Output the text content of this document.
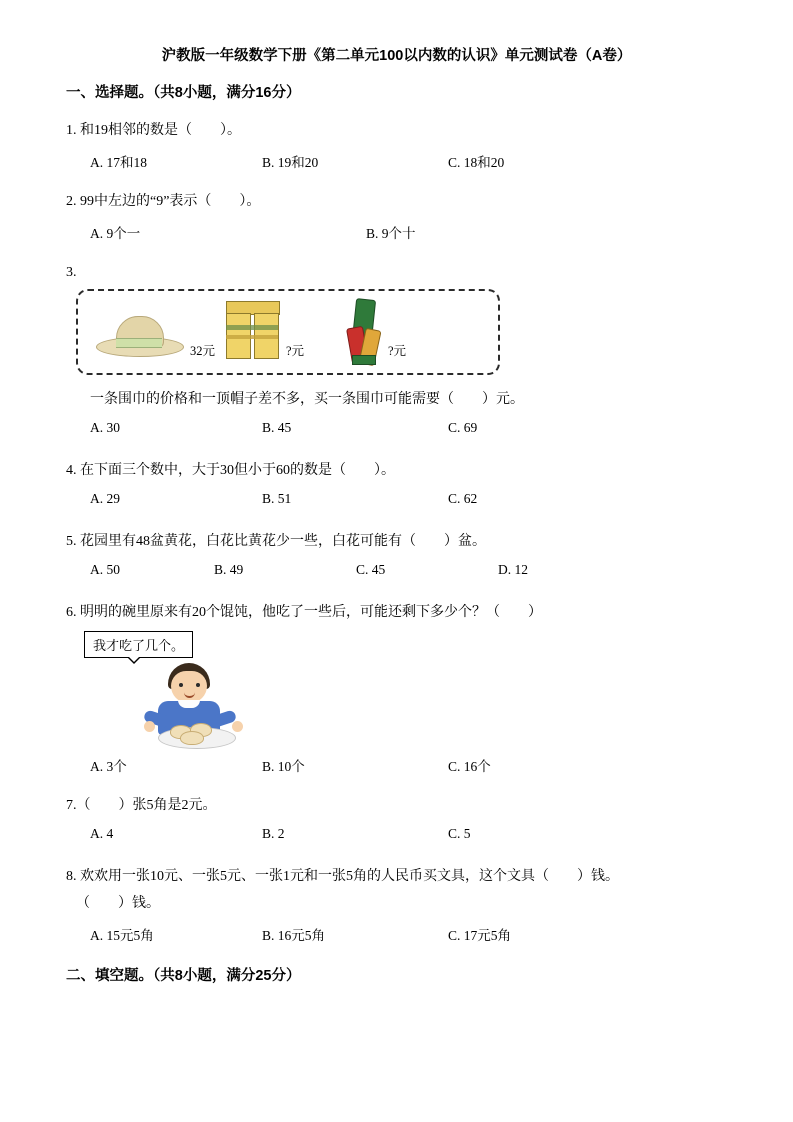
沪教版一年级数学下册《第二单元100以内数的认识》单元测试卷（A卷）
一、选择题。（共8小题，满分16分）
1. 和19相邻的数是（　　）。
A. 17和18	B. 19和20	C. 18和20
2. 99中左边的“9”表示（　　）。
A. 9个一	B. 9个十
3.
32元	?元	?元
一条围巾的价格和一顶帽子差不多，买一条围巾可能需要（　　）元。
A. 30	B. 45	C. 69
4. 在下面三个数中，大于30但小于60的数是（　　）。
A. 29	B. 51	C. 62
5. 花园里有48盆黄花，白花比黄花少一些，白花可能有（　　）盆。
A. 50	B. 49	C. 45	D. 12
6. 明明的碗里原来有20个馄饨，他吃了一些后，可能还剩下多少个？（　　）
我才吃了几个。
A. 3个	B. 10个	C. 16个
7.（　　）张5角是2元。
A. 4	B. 2	C. 5
8. 欢欢用一张10元、一张5元、一张1元和一张5角的人民币买文具，这个文具（　　）钱。
（　　）钱。
A. 15元5角	B. 16元5角	C. 17元5角
二、填空题。（共8小题，满分25分）
